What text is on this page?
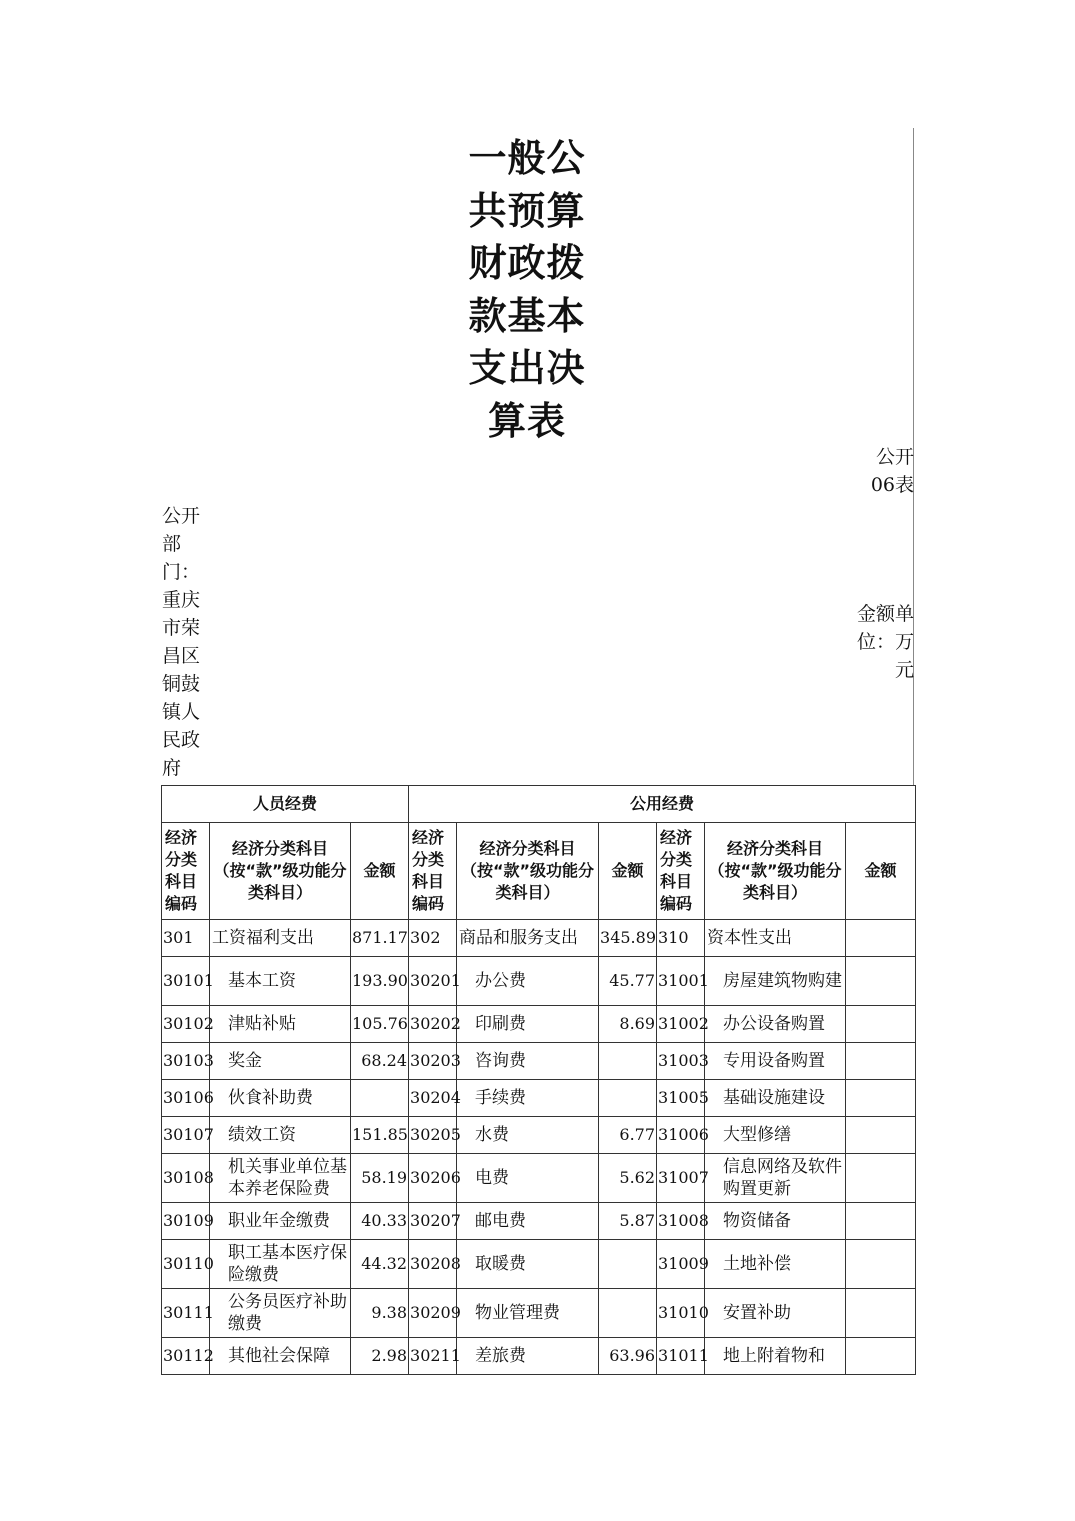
一般公共预算财政拨款基本支出决算表
公开06表
公开部门：重庆市荣昌区铜鼓镇人民政府
金额单位：万元
人员经费			公用经费					
经济分类科目编码	经济分类科目（按“款”级功能分类科目）	金额	经济分类科目编码	经济分类科目（按“款”级功能分类科目）	金额	经济分类科目编码	经济分类科目（按“款”级功能分类科目）	金额
301	工资福利支出	871.17	302	商品和服务支出	345.89	310	资本性支出	
30101	基本工资	193.90	30201	办公费	45.77	31001	房屋建筑物购建	
30102	津贴补贴	105.76	30202	印刷费	8.69	31002	办公设备购置	
30103	奖金	68.24	30203	咨询费		31003	专用设备购置	
30106	伙食补助费		30204	手续费		31005	基础设施建设	
30107	绩效工资	151.85	30205	水费	6.77	31006	大型修缮	
30108	机关事业单位基本养老保险费	58.19	30206	电费	5.62	31007	信息网络及软件购置更新	
30109	职业年金缴费	40.33	30207	邮电费	5.87	31008	物资储备	
30110	职工基本医疗保险缴费	44.32	30208	取暖费		31009	土地补偿	
30111	公务员医疗补助缴费	9.38	30209	物业管理费		31010	安置补助	
30112	其他社会保障	2.98	30211	差旅费	63.96	31011	地上附着物和	
